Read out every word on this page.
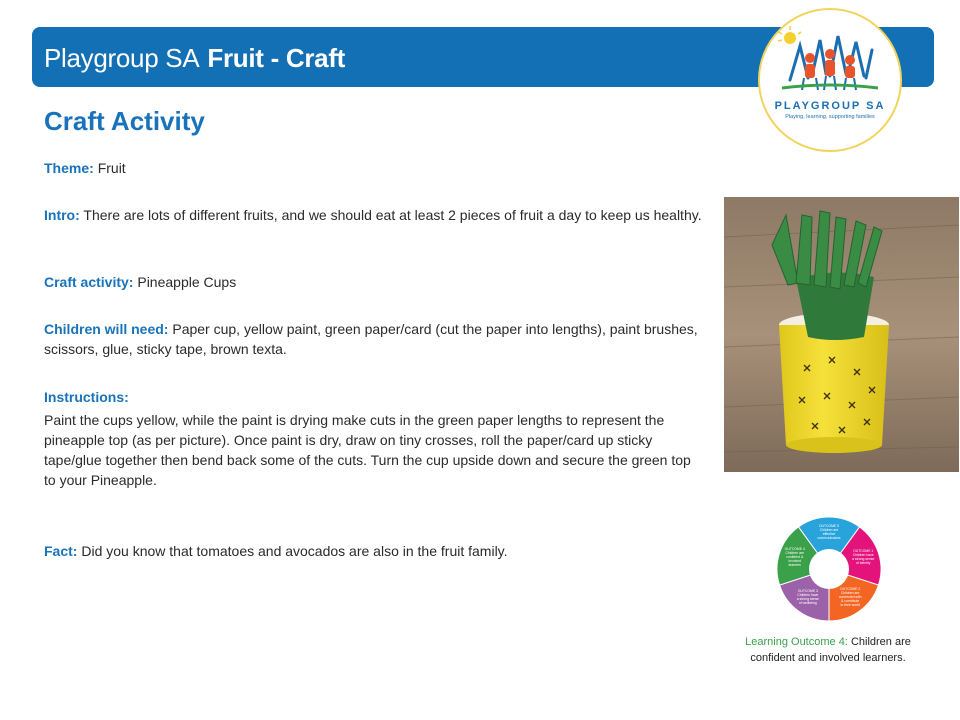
Playgroup SA Fruit - Craft
PLAYGROUP SA
Playing, learning, supporting families
Craft Activity

Theme: Fruit

Intro: There are lots of different fruits, and we should eat at least 2 pieces of fruit a day to keep us healthy.

Craft activity: Pineapple Cups

Children will need: Paper cup, yellow paint, green paper/card (cut the paper into lengths), paint brushes, scissors, glue, sticky tape, brown texta.

Instructions:

Paint the cups yellow, while the paint is drying make cuts in the green paper lengths to represent the pineapple top (as per picture). Once paint is dry, draw on tiny crosses, roll the paper/card up sticky tape/glue together then bend back some of the cuts. Turn the cup upside down and secure the green top to your Pineapple.

Fact: Did you know that tomatoes and avocados are also in the fruit family.

OUTCOME 5 Children are effective communicators
OUTCOME 1 Children have a strong sense of identity
OUTCOME 2 Children are connected with & contribute to their world
OUTCOME 3 Children have a strong sense of wellbeing
OUTCOME 4 Children are confident & involved learners
Learning Outcome 4: Children are confident and involved learners.
